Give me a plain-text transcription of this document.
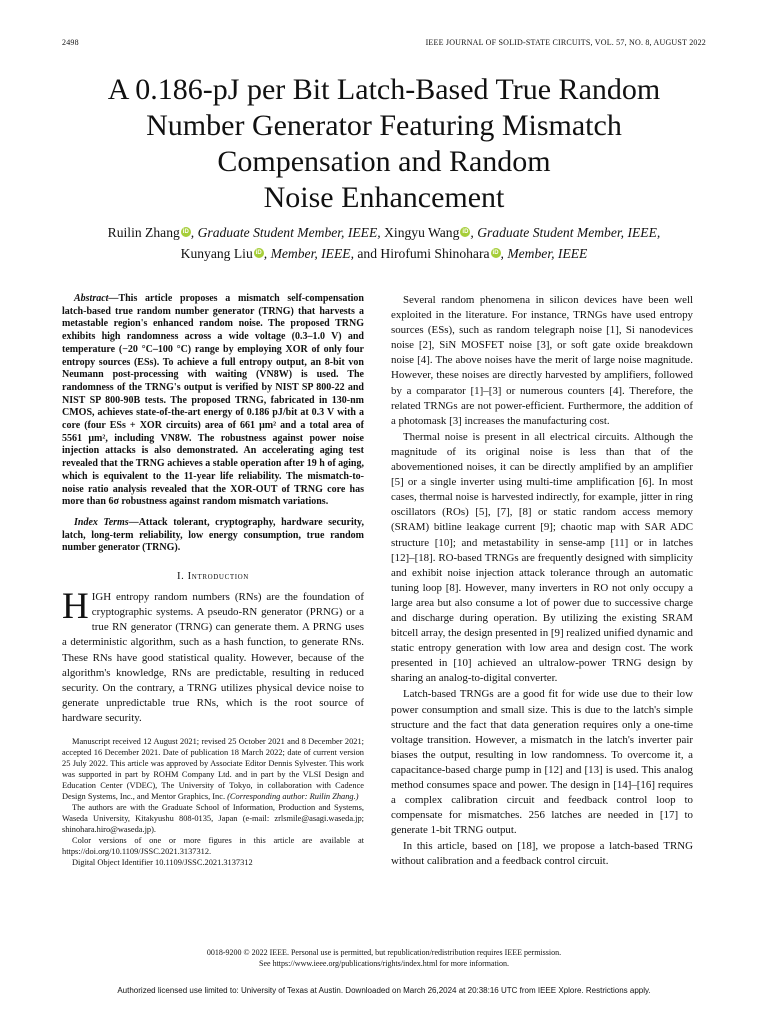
2498	IEEE JOURNAL OF SOLID-STATE CIRCUITS, VOL. 57, NO. 8, AUGUST 2022
A 0.186-pJ per Bit Latch-Based True Random
Number Generator Featuring Mismatch
Compensation and Random
Noise Enhancement
Ruilin Zhang iD , Graduate Student Member, IEEE, Xingyu Wang iD , Graduate Student Member, IEEE,
Kunyang Liu iD , Member, IEEE, and Hirofumi Shinohara iD , Member, IEEE

Abstract—This article proposes a mismatch self-compensation latch-based true random number generator (TRNG) that harvests a metastable region's enhanced random noise. The proposed TRNG exhibits high randomness across a wide voltage (0.3–1.0 V) and temperature (−20 °C–100 °C) range by employing XOR of only four entropy sources (ESs). To achieve a full entropy output, an 8-bit von Neumann post-processing with waiting (VN8W) is used. The randomness of the TRNG's output is verified by NIST SP 800-22 and NIST SP 800-90B tests. The proposed TRNG, fabricated in 130-nm CMOS, achieves state-of-the-art energy of 0.186 pJ/bit at 0.3 V with a core (four ESs + XOR circuits) area of 661 μm² and a total area of 5561 μm², including VN8W. The robustness against power noise injection attacks is also demonstrated. An accelerating aging test revealed that the TRNG achieves a stable operation after 19 h of aging, which is equivalent to the 11-year life reliability. The mismatch-to-noise ratio analysis revealed that the XOR-OUT of TRNG core has more than 6σ robustness against random mismatch variations.

Index Terms—Attack tolerant, cryptography, hardware security, latch, long-term reliability, low energy consumption, true random number generator (TRNG).

I. Introduction

HIGH entropy random numbers (RNs) are the foundation of cryptographic systems. A pseudo-RN generator (PRNG) or a true RN generator (TRNG) can generate them. A PRNG uses a deterministic algorithm, such as a hash function, to generate RNs. These RNs have good statistical quality. However, because of the algorithm's knowledge, RNs are predictable, resulting in reduced security. On the contrary, a TRNG utilizes physical device noise to generate unpredictable true RNs, which is the root source of hardware security.

Manuscript received 12 August 2021; revised 25 October 2021 and 8 December 2021; accepted 16 December 2021. Date of publication 18 March 2022; date of current version 25 July 2022. This article was approved by Associate Editor Dennis Sylvester. This work was supported in part by ROHM Company Ltd. and in part by the VLSI Design and Education Center (VDEC), The University of Tokyo, in collaboration with Cadence Design Systems, Inc., and Mentor Graphics, Inc. (Corresponding author: Ruilin Zhang.)

The authors are with the Graduate School of Information, Production and Systems, Waseda University, Kitakyushu 808-0135, Japan (e-mail: zrlsmile@asagi.waseda.jp; shinohara.hiro@waseda.jp).

Color versions of one or more figures in this article are available at https://doi.org/10.1109/JSSC.2021.3137312.

Digital Object Identifier 10.1109/JSSC.2021.3137312

Several random phenomena in silicon devices have been well exploited in the literature. For instance, TRNGs have used entropy sources (ESs), such as random telegraph noise [1], Si nanodevices noise [2], SiN MOSFET noise [3], or soft gate oxide breakdown noise [4]. The above noises have the merit of large noise magnitude. However, these noises are directly harvested by amplifiers, followed by a comparator [1]–[3] or numerous counters [4]. Therefore, the related TRNGs are not power-efficient. Furthermore, the addition of a photomask [3] increases the manufacturing cost.

Thermal noise is present in all electrical circuits. Although the magnitude of its original noise is less than that of the abovementioned noises, it can be directly amplified by an amplifier [5] or a single inverter using multi-time amplification [6]. In most cases, thermal noise is harvested indirectly, for example, jitter in ring oscillators (ROs) [5], [7], [8] or static random access memory (SRAM) bitline leakage current [9]; chaotic map with SAR ADC structure [10]; and metastability in sense-amp [11] or in latches [12]–[18]. RO-based TRNGs are frequently designed with simplicity and exhibit noise injection attack tolerance through an automatic tuning loop [8]. However, many inverters in RO not only occupy a large area but also consume a lot of power due to successive charge and discharge during operation. By utilizing the existing SRAM bitcell array, the design presented in [9] realized unified dynamic and static entropy generation with low area and design cost. The work presented in [10] achieved an ultralow-power TRNG design by sharing an analog-to-digital converter.

Latch-based TRNGs are a good fit for wide use due to their low power consumption and small size. This is due to the latch's simple structure and the fact that data generation requires only a one-time voltage transition. However, a mismatch in the latch's inverter pair biases the output, resulting in low randomness. To overcome it, a capacitance-based charge pump in [12] and [13] is used. This analog method consumes space and power. The design in [14]–[16] requires a complex calibration circuit and feedback control loop to compensate for mismatches. 256 latches are needed in [17] to generate 1-bit TRNG output.

In this article, based on [18], we propose a latch-based TRNG without calibration and a feedback control circuit.

0018-9200 © 2022 IEEE. Personal use is permitted, but republication/redistribution requires IEEE permission.
See https://www.ieee.org/publications/rights/index.html for more information.
Authorized licensed use limited to: University of Texas at Austin. Downloaded on March 26,2024 at 20:38:16 UTC from IEEE Xplore. Restrictions apply.
